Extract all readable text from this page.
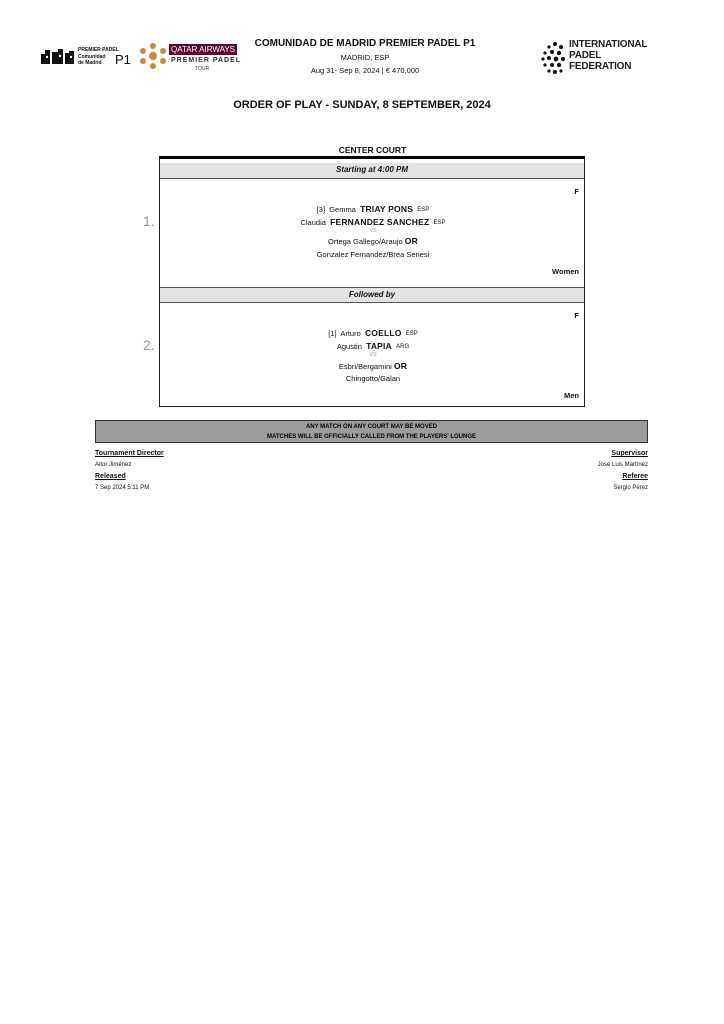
PREMIER PADEL
Comunidad
de Madrid P1
QATAR AIRWAYS
PREMIER PADEL
TOUR
COMUNIDAD DE MADRID PREMIER PADEL P1
MADRID, ESP
Aug 31- Sep 8, 2024 | € 470,000
INTERNATIONAL
PADEL
FEDERATION
ORDER OF PLAY - SUNDAY, 8 SEPTEMBER, 2024
CENTER COURT
Starting at 4:00 PM
F
[3] Gemma TRIAY PONS ESP
Claudia FERNANDEZ SANCHEZ ESP
VS
Ortega Gallego/Araujo OR
Gonzalez Fernandez/Brea Senesi
Women
Followed by
F
[1] Arturo COELLO ESP
Agustin TAPIA ARG
VS
Esbri/Bergamini OR
Chingotto/Galan
Men
1.
2.
ANY MATCH ON ANY COURT MAY BE MOVED
MATCHES WILL BE OFFICIALLY CALLED FROM THE PLAYERS' LOUNGE
Tournament Director
Aitor Jiménez
Released
7 Sep 2024 5:11 PM
Supervisor
José Luis Martínez
Referee
Sergio Perez
